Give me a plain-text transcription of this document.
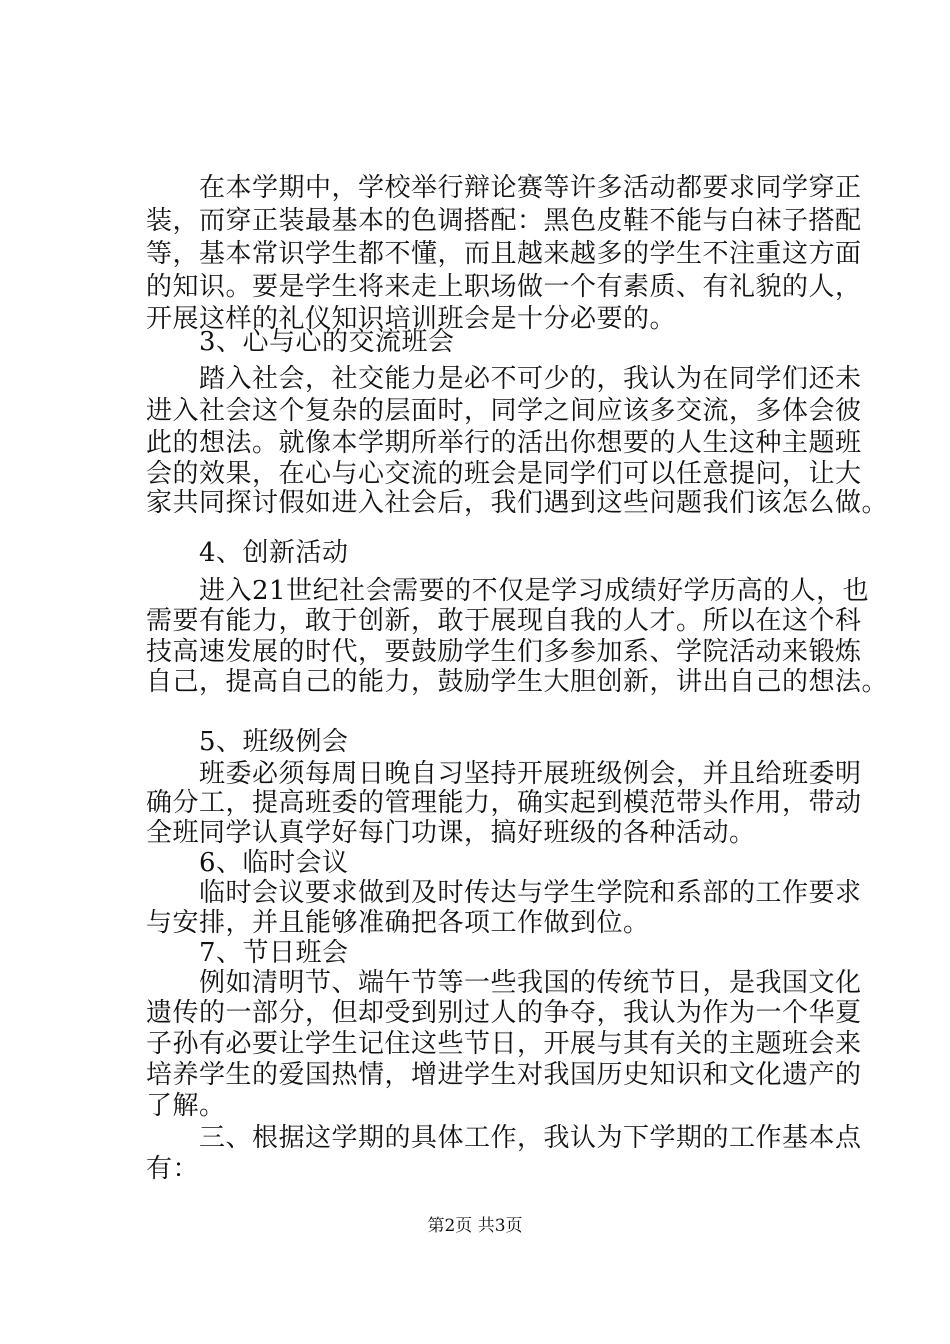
　　在本学期中，学校举行辩论赛等许多活动都要求同学穿正
装，而穿正装最基本的色调搭配：黑色皮鞋不能与白袜子搭配
等，基本常识学生都不懂，而且越来越多的学生不注重这方面
的知识。要是学生将来走上职场做一个有素质、有礼貌的人，
开展这样的礼仪知识培训班会是十分必要的。
　　3、心与心的交流班会
　　踏入社会，社交能力是必不可少的，我认为在同学们还未
进入社会这个复杂的层面时，同学之间应该多交流，多体会彼
此的想法。就像本学期所举行的活出你想要的人生这种主题班
会的效果，在心与心交流的班会是同学们可以任意提问，让大
家共同探讨假如进入社会后，我们遇到这些问题我们该怎么做。
　　4、创新活动
　　进入21世纪社会需要的不仅是学习成绩好学历高的人，也
需要有能力，敢于创新，敢于展现自我的人才。所以在这个科
技高速发展的时代，要鼓励学生们多参加系、学院活动来锻炼
自己，提高自己的能力，鼓励学生大胆创新，讲出自己的想法。
　　5、班级例会
　　班委必须每周日晚自习坚持开展班级例会，并且给班委明
确分工，提高班委的管理能力，确实起到模范带头作用，带动
全班同学认真学好每门功课，搞好班级的各种活动。
　　6、临时会议
　　临时会议要求做到及时传达与学生学院和系部的工作要求
与安排，并且能够准确把各项工作做到位。
　　7、节日班会
　　例如清明节、端午节等一些我国的传统节日，是我国文化
遗传的一部分，但却受到别过人的争夺，我认为作为一个华夏
子孙有必要让学生记住这些节日，开展与其有关的主题班会来
培养学生的爱国热情，增进学生对我国历史知识和文化遗产的
了解。
　　三、根据这学期的具体工作，我认为下学期的工作基本点
有：
第2页 共3页
